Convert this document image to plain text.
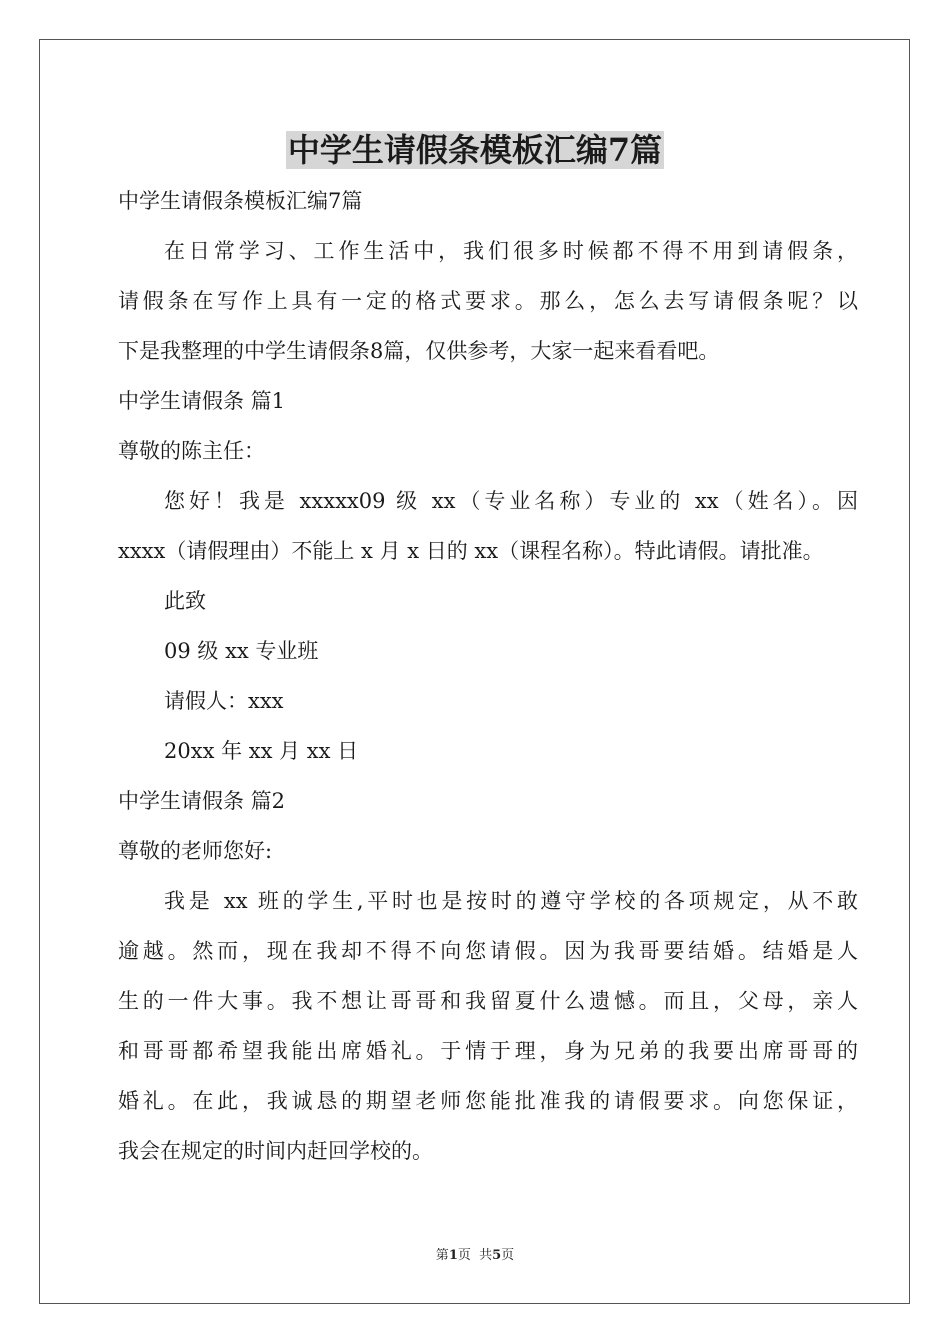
中学生请假条模板汇编7篇
中学生请假条模板汇编7篇
在日常学习、工作生活中，我们很多时候都不得不用到请假条，
请假条在写作上具有一定的格式要求。那么，怎么去写请假条呢？以
下是我整理的中学生请假条8篇，仅供参考，大家一起来看看吧。
中学生请假条 篇1
尊敬的陈主任：
您好！我是 xxxxx09 级 xx（专业名称）专业的 xx（姓名）。因
xxxx（请假理由）不能上 x 月 x 日的 xx（课程名称）。特此请假。请批准。
此致
09 级 xx 专业班
请假人：xxx
20xx 年 xx 月 xx 日
中学生请假条 篇2
尊敬的老师您好:
我是 xx 班的学生,平时也是按时的遵守学校的各项规定，从不敢
逾越。然而，现在我却不得不向您请假。因为我哥要结婚。结婚是人
生的一件大事。我不想让哥哥和我留夏什么遗憾。而且，父母，亲人
和哥哥都希望我能出席婚礼。于情于理，身为兄弟的我要出席哥哥的
婚礼。在此，我诚恳的期望老师您能批准我的请假要求。向您保证，
我会在规定的时间内赶回学校的。
第1页  共5页
